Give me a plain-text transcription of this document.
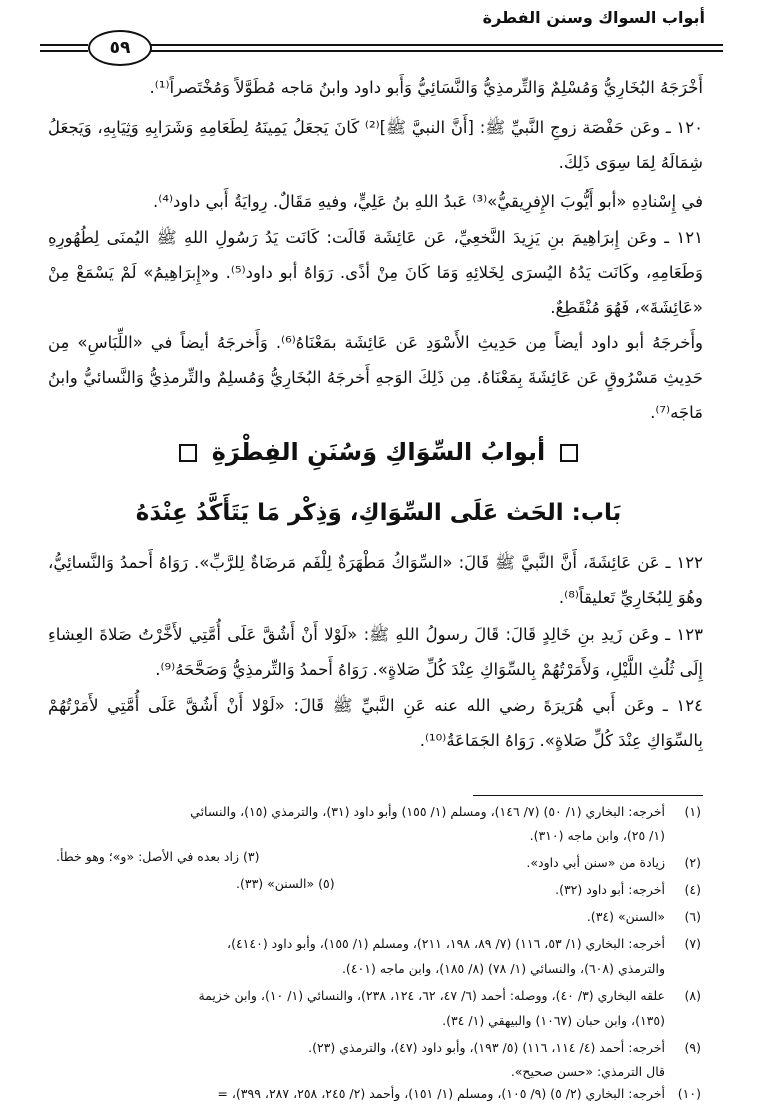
أبواب السواك وسنن الفطرة
٥٩
أَخْرَجَهُ البُخَارِيُّ وَمُسْلِمٌ وَالتِّرمذِيُّ وَالنَّسَائِيُّ وَأَبو داود وابنُ مَاجه مُطَوَّلاً وَمُخْتَصراً⁽¹⁾.
١٢٠ ـ وعَن حَفْصَة زوجِ النَّبيِّ ﷺ: [أَنَّ النبيَّ ﷺ]⁽²⁾ كَانَ يَجعَلُ يَمِينَهُ لِطَعَامِهِ وَشَرَابِهِ وَثِيَابِهِ، وَيَجعَلُ شِمَالَهُ لِمَا سِوَى ذَلِكَ.
في إِسْنادِهِ «أبو أَيُّوبَ الإِفرِيقيُّ»⁽³⁾ عَبدُ اللهِ بنُ عَلِيٍّ، وفيهِ مَقَالٌ. رِوايَةُ أَبي داود⁽⁴⁾.
١٢١ ـ وعَن إِبرَاهِيمَ بنِ يَزِيدَ النَّخعِيِّ، عَن عَائِشَة قَالَت: كَانَت يَدُ رَسُولِ اللهِ ﷺ اليُمنَى لِطُهُورِهِ وَطَعَامِهِ، وكَانَت يَدُهُ اليُسرَى لِخَلائِهِ وَمَا كَانَ مِنْ أذًى. رَوَاهُ أبو داود⁽⁵⁾. و«إِبرَاهِيمُ» لَمْ يَسْمَعْ مِنْ «عَائِشَةَ»، فَهُوَ مُنْقَطِعٌ.
وأَخرجَهُ أبو داود أيضاً مِن حَدِيثِ الأَسْوَدِ عَن عَائِشَة بمَعْنَاهُ⁽⁶⁾. وَأَخرجَهُ أيضاً في «اللِّبَاسِ» مِن حَدِيثِ مَسْرُوقٍ عَن عَائِشَةَ بِمَعْنَاهُ. مِن ذَلِكَ الوَجهِ أَخرجَهُ البُخَارِيُّ وَمُسلِمٌ والتِّرمذِيُّ وَالنَّسائيُّ وابنُ مَاجَه⁽⁷⁾.
أبوابُ السِّوَاكِ وَسُنَنِ الفِطْرَةِ
بَاب: الحَث عَلَى السِّوَاكِ، وَذِكْر مَا يَتَأَكَّدُ عِنْدَهُ
١٢٢ ـ عَن عَائِشَةَ، أَنَّ النَّبيَّ ﷺ قَالَ: «السِّوَاكُ مَطْهَرَةٌ لِلْفَم مَرضَاةٌ لِلرَّبِّ». رَوَاهُ أَحمدُ وَالنَّسائِيُّ، وهُوَ لِلبُخَارِيِّ تَعليقاً⁽⁸⁾.
١٢٣ ـ وعَن زَيدِ بنِ خَالِدٍ قَالَ: قَالَ رسولُ اللهِ ﷺ: «لَوْلا أَنْ أَشُقَّ عَلَى أُمَّتِي لأَخَّرْتُ صَلاةَ العِشاءِ إِلَى ثُلُثِ اللَّيْلِ، وَلأَمَرْتُهُمْ بِالسِّوَاكِ عِنْدَ كُلِّ صَلاةٍ». رَوَاهُ أَحمدُ وَالتِّرمذِيُّ وَصَحَّحَهُ⁽⁹⁾.
١٢٤ ـ وعَن أَبي هُرَيرَةَ رضي الله عنه عَنِ النَّبيِّ ﷺ قَالَ: «لَوْلا أَنْ أَشُقَّ عَلَى أُمَّتِي لأَمَرْتُهُمْ بِالسِّوَاكِ عِنْدَ كُلِّ صَلاةٍ». رَوَاهُ الجَمَاعَةُ⁽¹⁰⁾.
(١)أخرجه: البخاري (١/ ٥٠) (٧/ ١٤٦)، ومسلم (١/ ١٥٥) وأبو داود (٣١)، والترمذي (١٥)، والنسائي
(١/ ٢٥)، وابن ماجه (٣١٠).
(٢)زيادة من «سنن أبي داود».
(٣) زاد بعده في الأصل: «و»؛ وهو خطأ.
(٤)أخرجه: أبو داود (٣٢).
(٥) «السنن» (٣٣).
(٦)«السنن» (٣٤).
(٧)أخرجه: البخاري (١/ ٥٣، ١١٦) (٧/ ٨٩، ١٩٨، ٢١١)، ومسلم (١/ ١٥٥)، وأبو داود (٤١٤٠)،
والترمذي (٦٠٨)، والنسائي (١/ ٧٨) (٨/ ١٨٥)، وابن ماجه (٤٠١).
(٨)علقه البخاري (٣/ ٤٠)، ووصله: أحمد (٦/ ٤٧، ٦٢، ١٢٤، ٢٣٨)، والنسائي (١/ ١٠)، وابن خزيمة
(١٣٥)، وابن حبان (١٠٦٧) والبيهقي (١/ ٣٤).
(٩)أخرجه: أحمد (٤/ ١١٤، ١١٦) (٥/ ١٩٣)، وأبو داود (٤٧)، والترمذي (٢٣).
قال الترمذي: «حسن صحيح».
(١٠)أخرجه: البخاري (٢/ ٥) (٩/ ١٠٥)، ومسلم (١/ ١٥١)، وأحمد (٢/ ٢٤٥، ٢٥٨، ٢٨٧، ٣٩٩)، =
